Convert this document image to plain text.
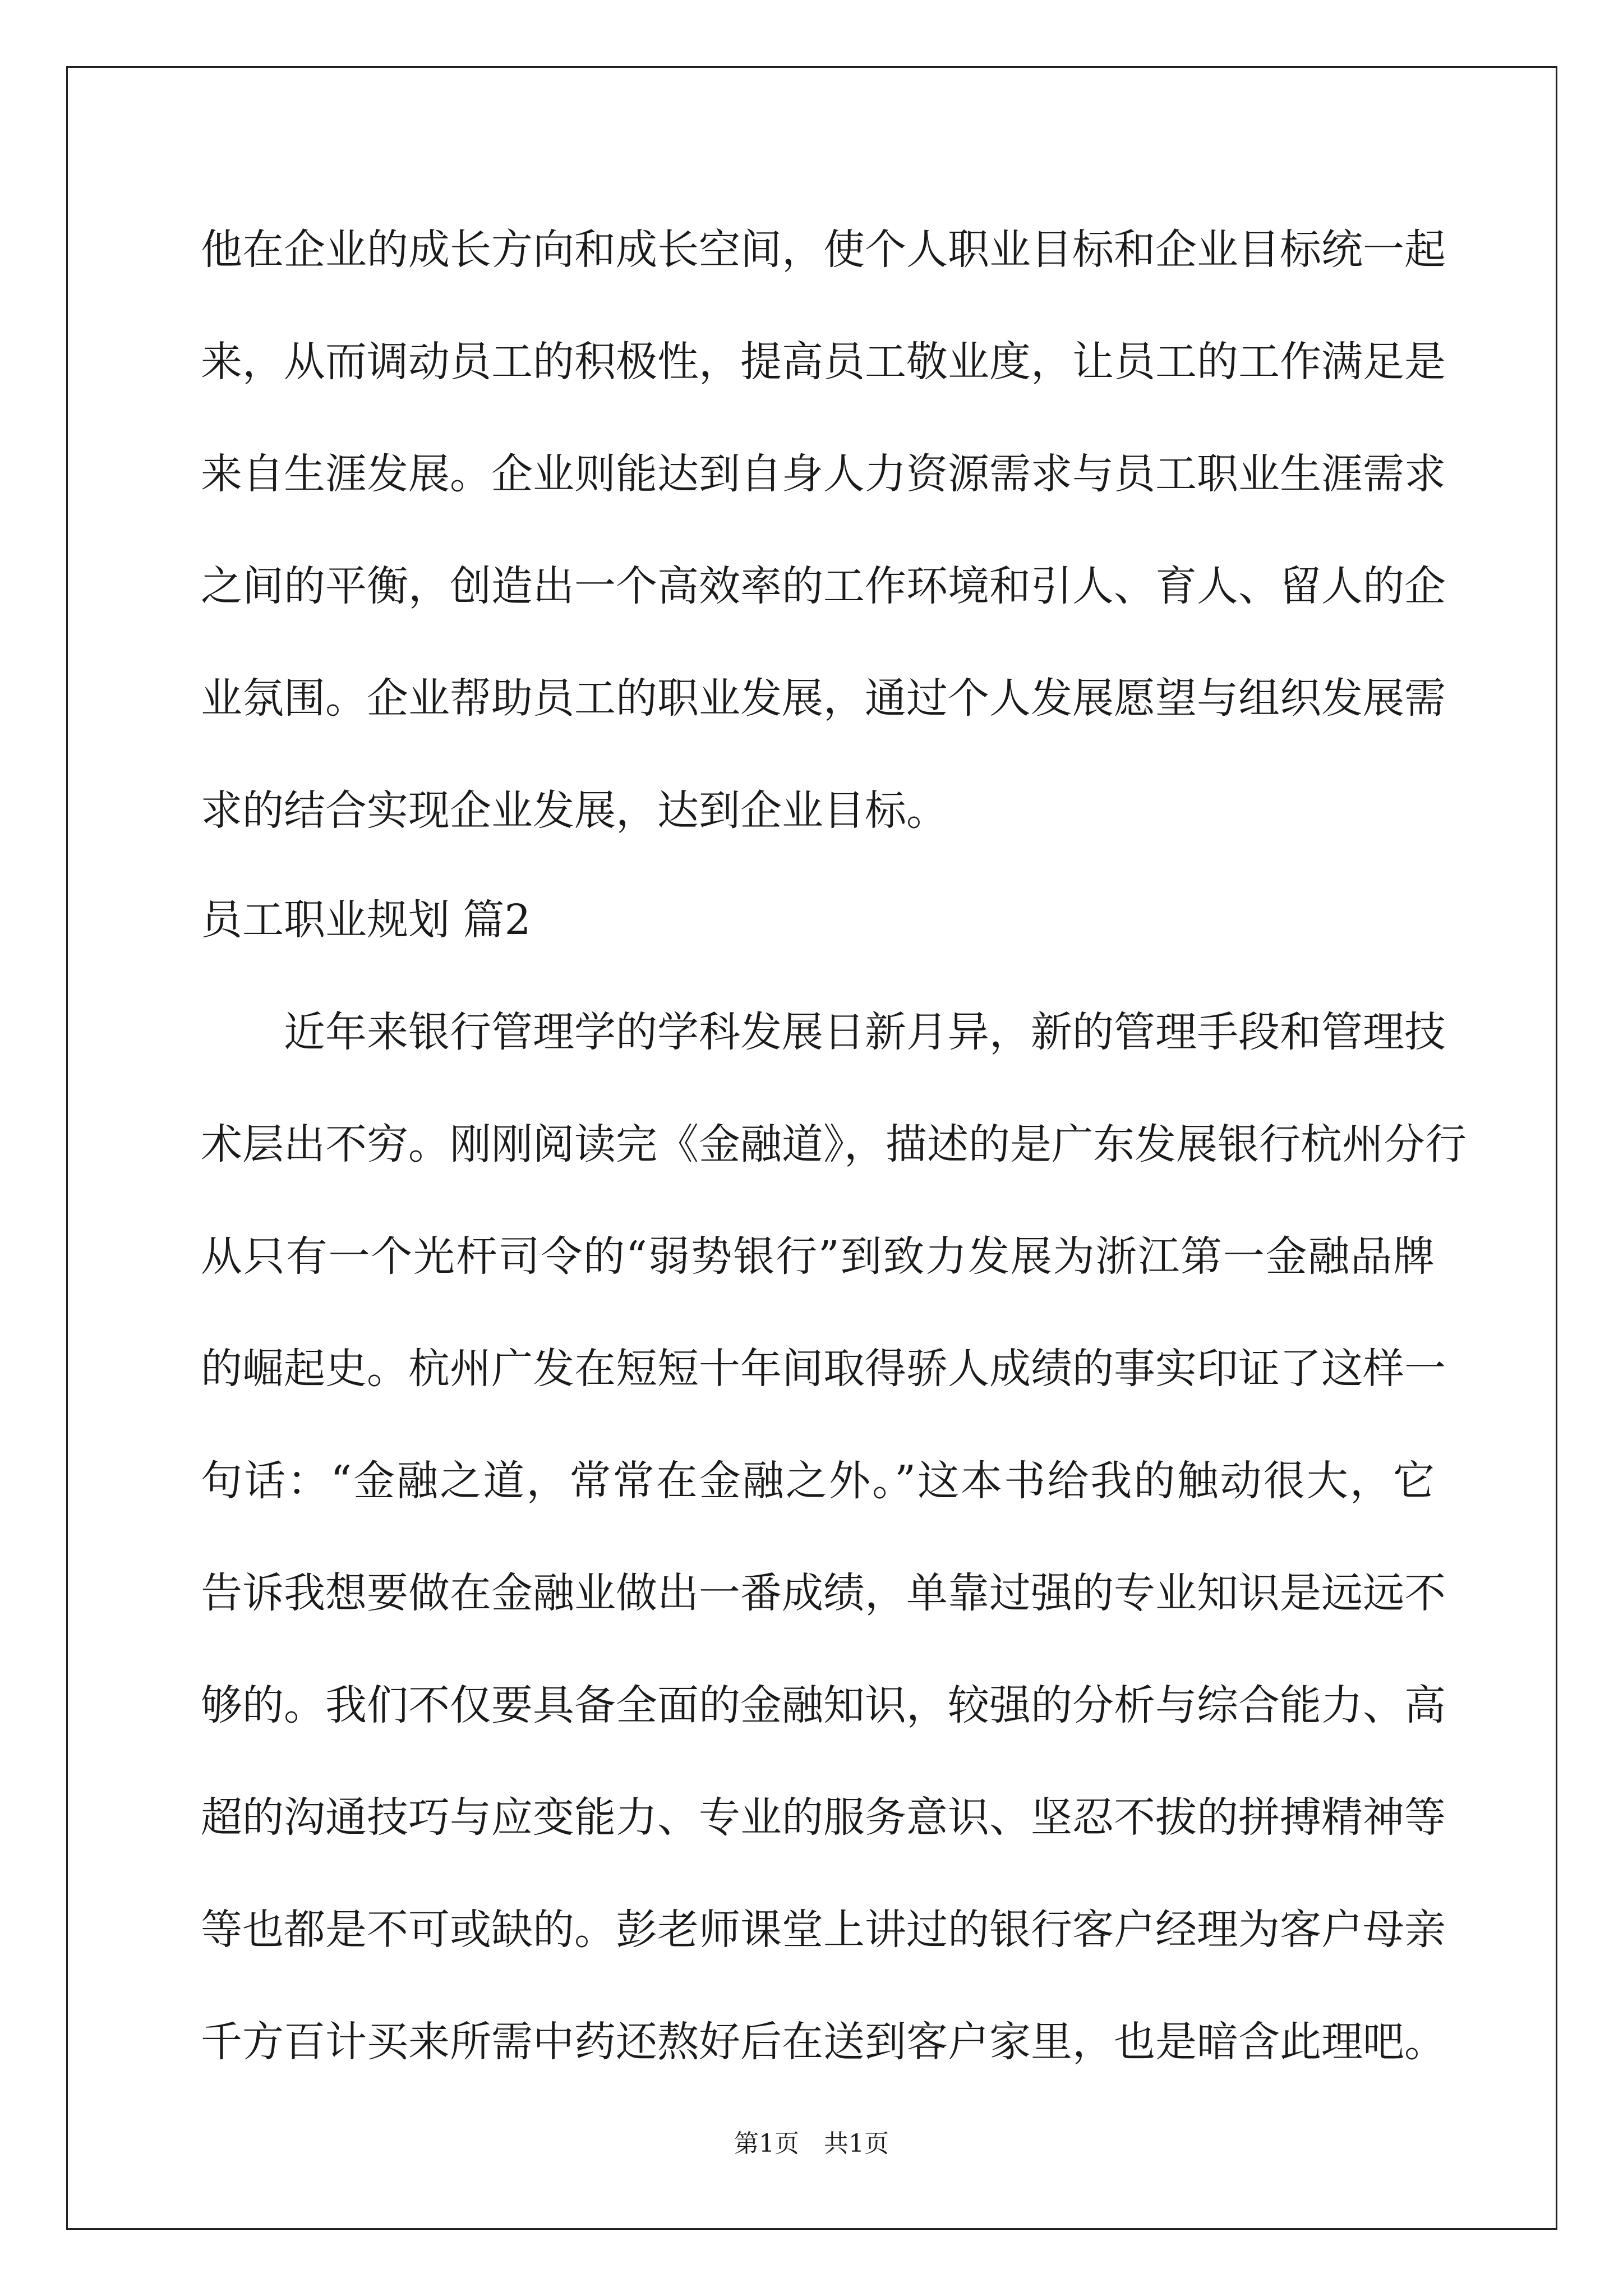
他在企业的成长方向和成长空间，使个人职业目标和企业目标统一起
来，从而调动员工的积极性，提高员工敬业度，让员工的工作满足是
来自生涯发展。企业则能达到自身人力资源需求与员工职业生涯需求
之间的平衡，创造出一个高效率的工作环境和引人、育人、留人的企
业氛围。企业帮助员工的职业发展，通过个人发展愿望与组织发展需
求的结合实现企业发展，达到企业目标。
员工职业规划 篇2
　　近年来银行管理学的学科发展日新月异，新的管理手段和管理技
术层出不穷。刚刚阅读完《金融道》，描述的是广东发展银行杭州分行
从只有一个光杆司令的“弱势银行”到致力发展为浙江第一金融品牌
的崛起史。杭州广发在短短十年间取得骄人成绩的事实印证了这样一
句话：“金融之道，常常在金融之外。”这本书给我的触动很大，它
告诉我想要做在金融业做出一番成绩，单靠过强的专业知识是远远不
够的。我们不仅要具备全面的金融知识，较强的分析与综合能力、高
超的沟通技巧与应变能力、专业的服务意识、坚忍不拔的拼搏精神等
等也都是不可或缺的。彭老师课堂上讲过的银行客户经理为客户母亲
千方百计买来所需中药还熬好后在送到客户家里，也是暗含此理吧。
第1页　共1页
